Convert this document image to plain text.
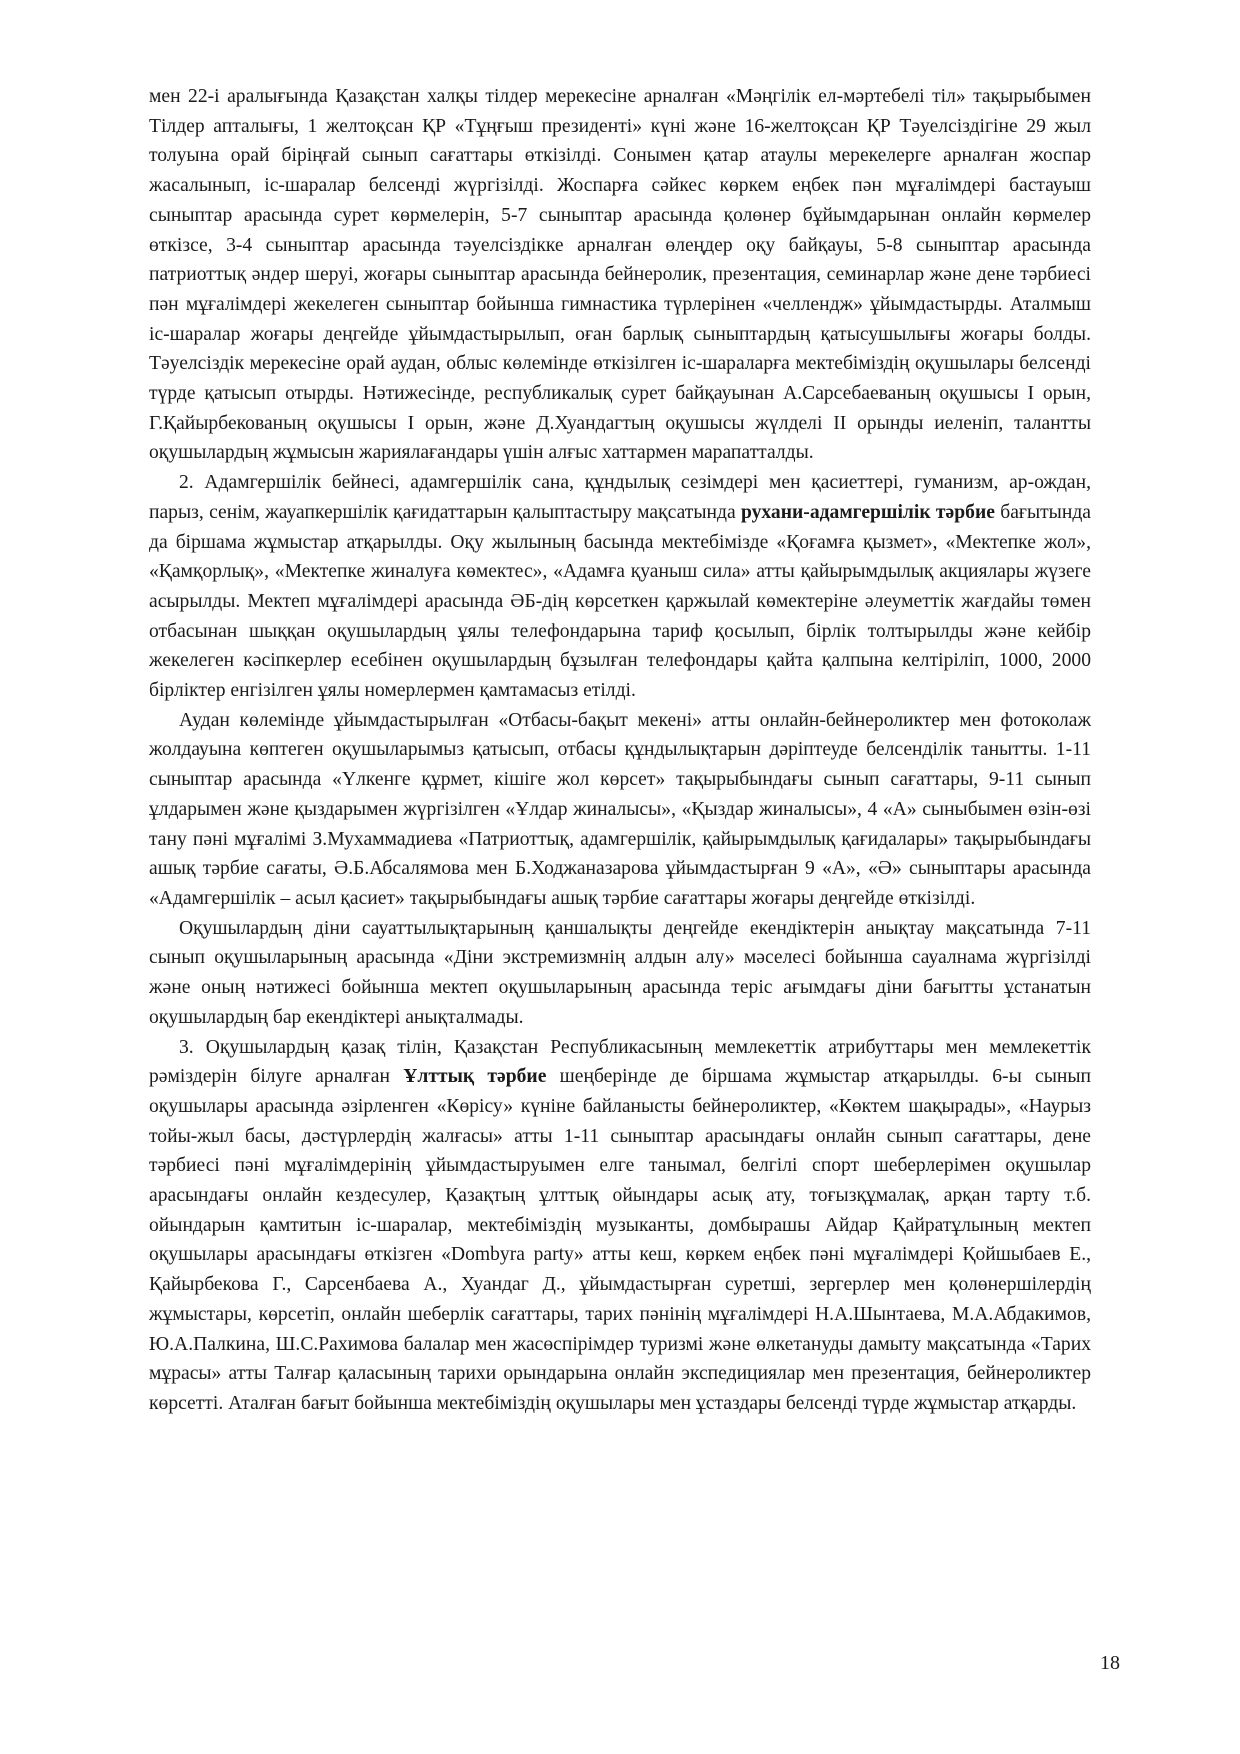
мен 22-і аралығында Қазақстан халқы тілдер мерекесіне арналған «Мәңгілік ел-мәртебелі тіл» тақырыбымен Тілдер апталығы, 1 желтоқсан ҚР «Тұңғыш президенті» күні және 16-желтоқсан ҚР Тәуелсіздігіне 29 жыл толуына орай біріңғай сынып сағаттары өткізілді. Сонымен қатар атаулы мерекелерге арналған жоспар жасалынып, іс-шаралар белсенді жүргізілді. Жоспарға сәйкес көркем еңбек пән мұғалімдері бастауыш сыныптар арасында сурет көрмелерін, 5-7 сыныптар арасында қолөнер бұйымдарынан онлайн көрмелер өткізсе, 3-4 сыныптар арасында тәуелсіздікке арналған өлеңдер оқу байқауы, 5-8 сыныптар арасында патриоттық әндер шеруі, жоғары сыныптар арасында бейнеролик, презентация, семинарлар және дене тәрбиесі пән мұғалімдері жекелеген сыныптар бойынша гимнастика түрлерінен «челлендж» ұйымдастырды. Аталмыш іс-шаралар жоғары деңгейде ұйымдастырылып, оған барлық сыныптардың қатысушылығы жоғары болды. Тәуелсіздік мерекесіне орай аудан, облыс көлемінде өткізілген іс-шараларға мектебіміздің оқушылары белсенді түрде қатысып отырды. Нәтижесінде, республикалық сурет байқауынан А.Сарсебаеваның оқушысы І орын, Г.Қайырбекованың оқушысы І орын, және Д.Хуандагтың оқушысы жүлделі ІІ орынды иеленіп, талантты оқушылардың жұмысын жариялағандары үшін алғыс хаттармен марапатталды.

2. Адамгершілік бейнесі, адамгершілік сана, құндылық сезімдері мен қасиеттері, гуманизм, ар-ождан, парыз, сенім, жауапкершілік қағидаттарын қалыптастыру мақсатында рухани-адамгершілік тәрбие бағытында да біршама жұмыстар атқарылды. Оқу жылының басында мектебімізде «Қоғамға қызмет», «Мектепке жол», «Қамқорлық», «Мектепке жиналуға көмектес», «Адамға қуаныш сила» атты қайырымдылық акциялары жүзеге асырылды. Мектеп мұғалімдері арасында ӘБ-дің көрсеткен қаржылай көмектеріне әлеуметтік жағдайы төмен отбасынан шыққан оқушылардың ұялы телефондарына тариф қосылып, бірлік толтырылды және кейбір жекелеген кәсіпкерлер есебінен оқушылардың бұзылған телефондары қайта қалпына келтіріліп, 1000, 2000 бірліктер енгізілген ұялы номерлермен қамтамасыз етілді.

Аудан көлемінде ұйымдастырылған «Отбасы-бақыт мекені» атты онлайн-бейнероликтер мен фотоколаж жолдауына көптеген оқушыларымыз қатысып, отбасы құндылықтарын дәріптеуде белсенділік танытты. 1-11 сыныптар арасында «Үлкенге құрмет, кішіге жол көрсет» тақырыбындағы сынып сағаттары, 9-11 сынып ұлдарымен және қыздарымен жүргізілген «Ұлдар жиналысы», «Қыздар жиналысы», 4 «А» сыныбымен өзін-өзі тану пәні мұғалімі З.Мухаммадиева «Патриоттық, адамгершілік, қайырымдылық қағидалары» тақырыбындағы ашық тәрбие сағаты, Ә.Б.Абсалямова мен Б.Ходжаназарова ұйымдастырған 9 «А», «Ә» сыныптары арасында «Адамгершілік – асыл қасиет» тақырыбындағы ашық тәрбие сағаттары жоғары деңгейде өткізілді.

Оқушылардың діни сауаттылықтарының қаншалықты деңгейде екендіктерін анықтау мақсатында 7-11 сынып оқушыларының арасында «Діни экстремизмнің алдын алу» мәселесі бойынша сауалнама жүргізілді және оның нәтижесі бойынша мектеп оқушыларының арасында теріс ағымдағы діни бағытты ұстанатын оқушылардың бар екендіктері анықталмады.

3. Оқушылардың қазақ тілін, Қазақстан Республикасының мемлекеттік атрибуттары мен мемлекеттік рәміздерін білуге арналған Ұлттық тәрбие шеңберінде де біршама жұмыстар атқарылды. 6-ы сынып оқушылары арасында әзірленген «Көрісу» күніне байланысты бейнероликтер, «Көктем шақырады», «Наурыз тойы-жыл басы, дәстүрлердің жалғасы» атты 1-11 сыныптар арасындағы онлайн сынып сағаттары, дене тәрбиесі пәні мұғалімдерінің ұйымдастыруымен елге танымал, белгілі спорт шеберлерімен оқушылар арасындағы онлайн кездесулер, Қазақтың ұлттық ойындары асық ату, тоғызқұмалақ, арқан тарту т.б. ойындарын қамтитын іс-шаралар, мектебіміздің музыканты, домбырашы Айдар Қайратұлының мектеп оқушылары арасындағы өткізген «Dombyra party» атты кеш, көркем еңбек пәні мұғалімдері Қойшыбаев Е., Қайырбекова Г., Сарсенбаева А., Хуандаг Д., ұйымдастырған суретші, зергерлер мен қолөнершілердің жұмыстары, көрсетіп, онлайн шеберлік сағаттары, тарих пәнінің мұғалімдері Н.А.Шынтаева, М.А.Абдакимов, Ю.А.Палкина, Ш.С.Рахимова балалар мен жасөспірімдер туризмі және өлкетануды дамыту мақсатында «Тарих мұрасы» атты Талғар қаласының тарихи орындарына онлайн экспедициялар мен презентация, бейнероликтер көрсетті. Аталған бағыт бойынша мектебіміздің оқушылары мен ұстаздары белсенді түрде жұмыстар атқарды.

18
